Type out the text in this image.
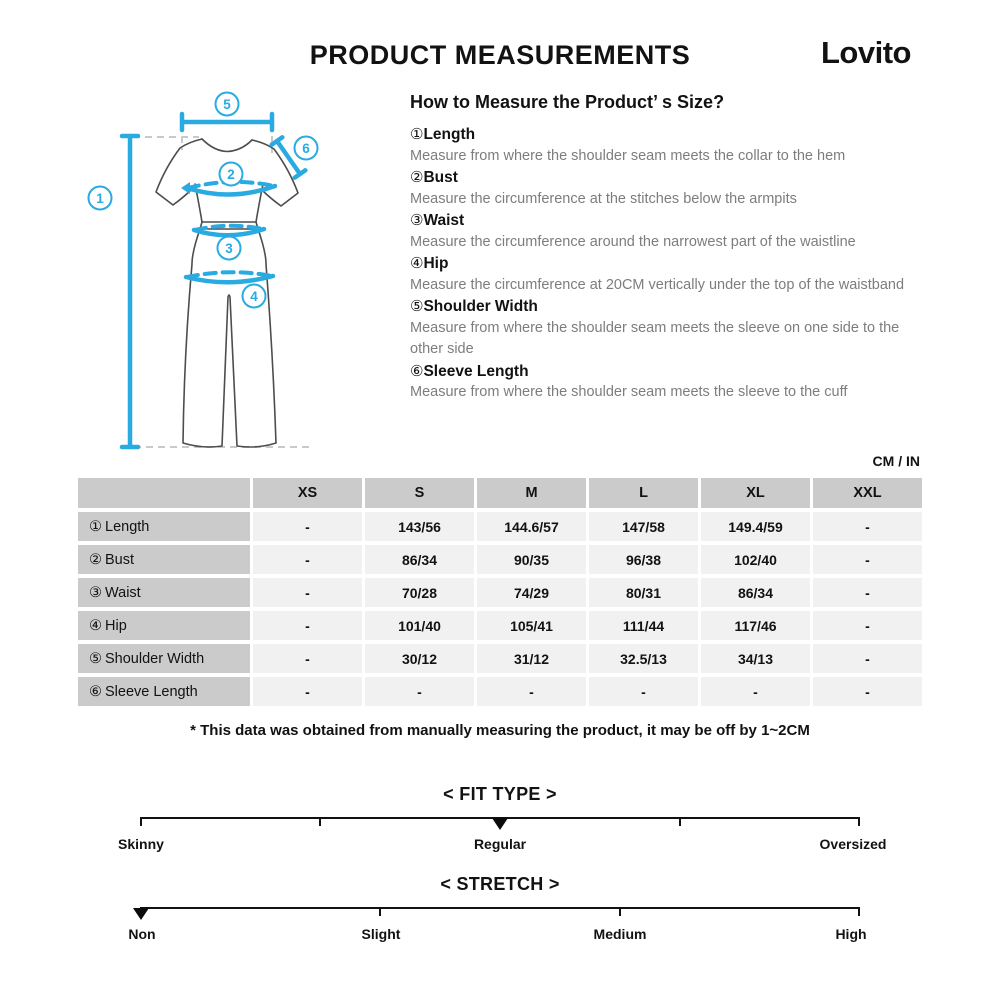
PRODUCT MEASUREMENTS	Lovito
1
2
3
4
5
6
How to Measure the Product’ s Size?
①Length
Measure from where the shoulder seam meets the collar to the hem
②Bust
Measure the circumference at the stitches below the armpits
③Waist
Measure the circumference around the narrowest part of the waistline
④Hip
Measure the circumference at 20CM vertically under the top of the waistband
⑤Shoulder Width
Measure from where the shoulder seam meets the sleeve on one side to the other side
⑥Sleeve Length
Measure from where the shoulder seam meets the sleeve to the cuff
CM / IN
	XS	S	M	L	XL	XXL
① Length	-	143/56	144.6/57	147/58	149.4/59	-
② Bust	-	86/34	90/35	96/38	102/40	-
③ Waist	-	70/28	74/29	80/31	86/34	-
④ Hip	-	101/40	105/41	111/44	117/46	-
⑤ Shoulder Width	-	30/12	31/12	32.5/13	34/13	-
⑥ Sleeve Length	-	-	-	-	-	-
* This data was obtained from manually measuring the product, it may be off by 1~2CM
< FIT TYPE >
Skinny	Regular	Oversized
< STRETCH >
Non	Slight	Medium	High
